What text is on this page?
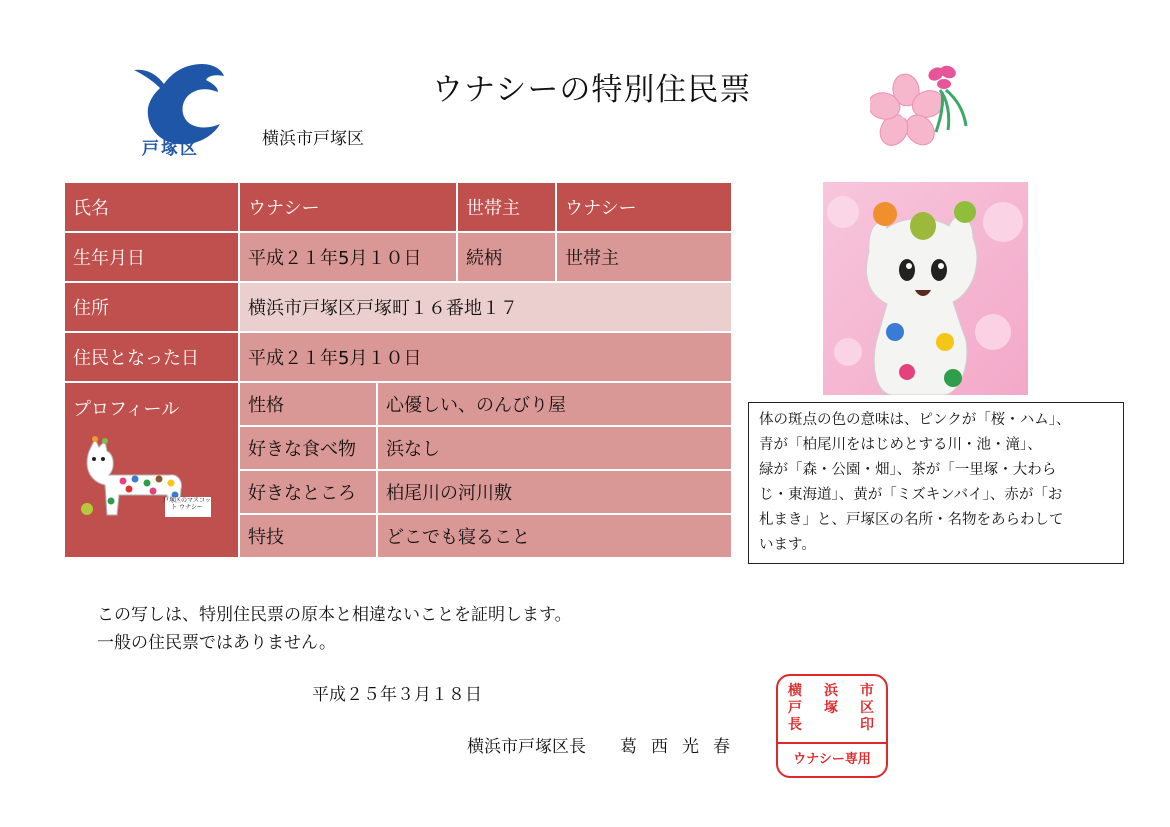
戸塚区	横浜市戸塚区
ウナシーの特別住民票
氏名	ウナシー		世帯主	ウナシー
生年月日	平成２１年5月１０日		続柄	世帯主
住所	横浜市戸塚区戸塚町１６番地１７			
住民となった日	平成２１年5月１０日			

プロフィール
戸塚区のマスコット ウナシー	性格	心優しい、のんびり屋		
	好きな食べ物	浜なし		
	好きなところ	柏尾川の河川敷		
	特技	どこでも寝ること		
体の斑点の色の意味は、ピンクが「桜・ハム」、
青が「柏尾川をはじめとする川・池・滝」、
緑が「森・公園・畑」、茶が「一里塚・大わら
じ・東海道」、黄が「ミズキンバイ」、赤が「お
札まき」と、戸塚区の名所・名物をあらわして
います。
この写しは、特別住民票の原本と相違ないことを証明します。
一般の住民票ではありません。
平成２５年３月１８日
横浜市戸塚区長 葛西光春
横 浜 市
戸 塚 区
長	印
ウナシー専用
